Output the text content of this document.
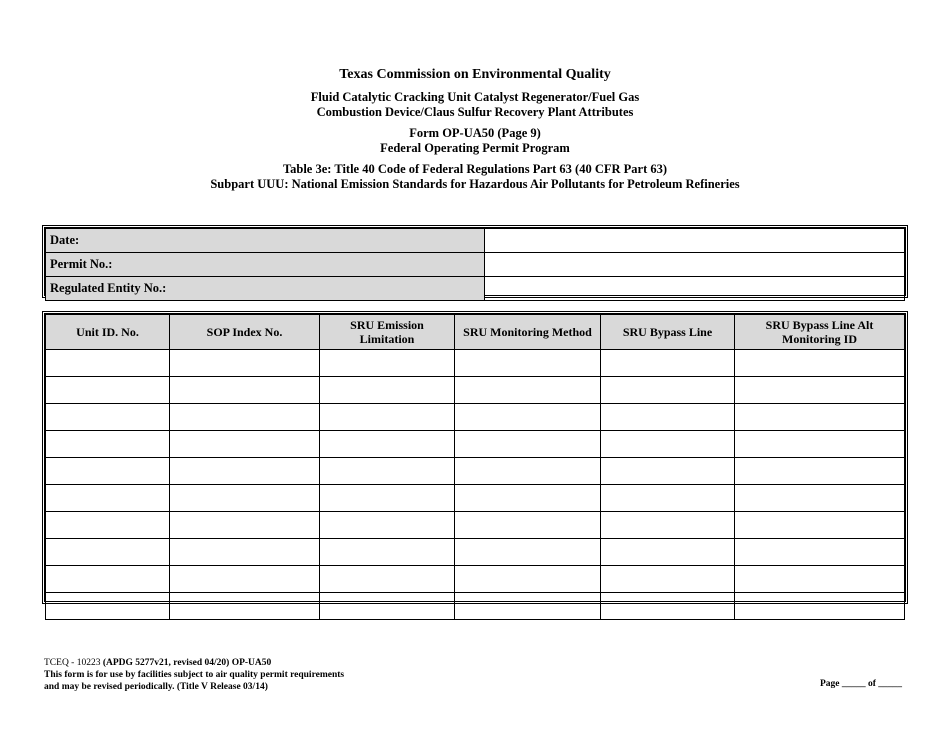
Texas Commission on Environmental Quality
Fluid Catalytic Cracking Unit Catalyst Regenerator/Fuel Gas
Combustion Device/Claus Sulfur Recovery Plant Attributes
Form OP-UA50 (Page 9)
Federal Operating Permit Program
Table 3e: Title 40 Code of Federal Regulations Part 63 (40 CFR Part 63)
Subpart UUU: National Emission Standards for Hazardous Air Pollutants for Petroleum Refineries
Date:	
Permit No.:	
Regulated Entity No.:	
Unit ID. No.	SOP Index No.	SRU Emission Limitation	SRU Monitoring Method	SRU Bypass Line	SRU Bypass Line Alt Monitoring ID

TCEQ - 10223 (APDG 5277v21, revised 04/20) OP-UA50
This form is for use by facilities subject to air quality permit requirements
and may be revised periodically. (Title V Release 03/14)	Page _____ of _____
